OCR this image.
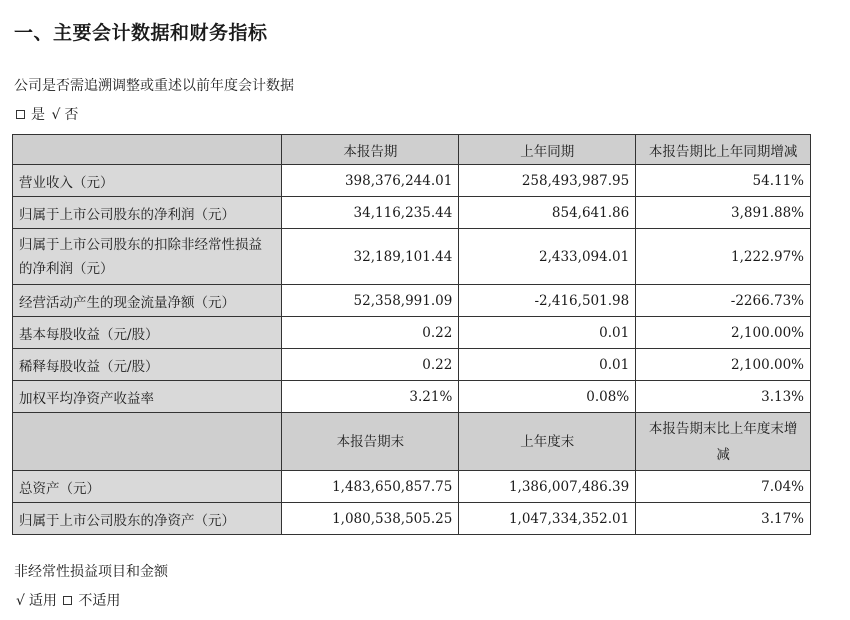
一、主要会计数据和财务指标
公司是否需追溯调整或重述以前年度会计数据
是 √ 否
	本报告期	上年同期	本报告期比上年同期增减
营业收入（元）	398,376,244.01	258,493,987.95	54.11%
归属于上市公司股东的净利润（元）	34,116,235.44	854,641.86	3,891.88%
归属于上市公司股东的扣除非经常性损益的净利润（元）	32,189,101.44	2,433,094.01	1,222.97%
经营活动产生的现金流量净额（元）	52,358,991.09	-2,416,501.98	-2266.73%
基本每股收益（元/股）	0.22	0.01	2,100.00%
稀释每股收益（元/股）	0.22	0.01	2,100.00%
加权平均净资产收益率	3.21%	0.08%	3.13%
	本报告期末	上年度末	本报告期末比上年度末增减
总资产（元）	1,483,650,857.75	1,386,007,486.39	7.04%
归属于上市公司股东的净资产（元）	1,080,538,505.25	1,047,334,352.01	3.17%
非经常性损益项目和金额
√ 适用 不适用
